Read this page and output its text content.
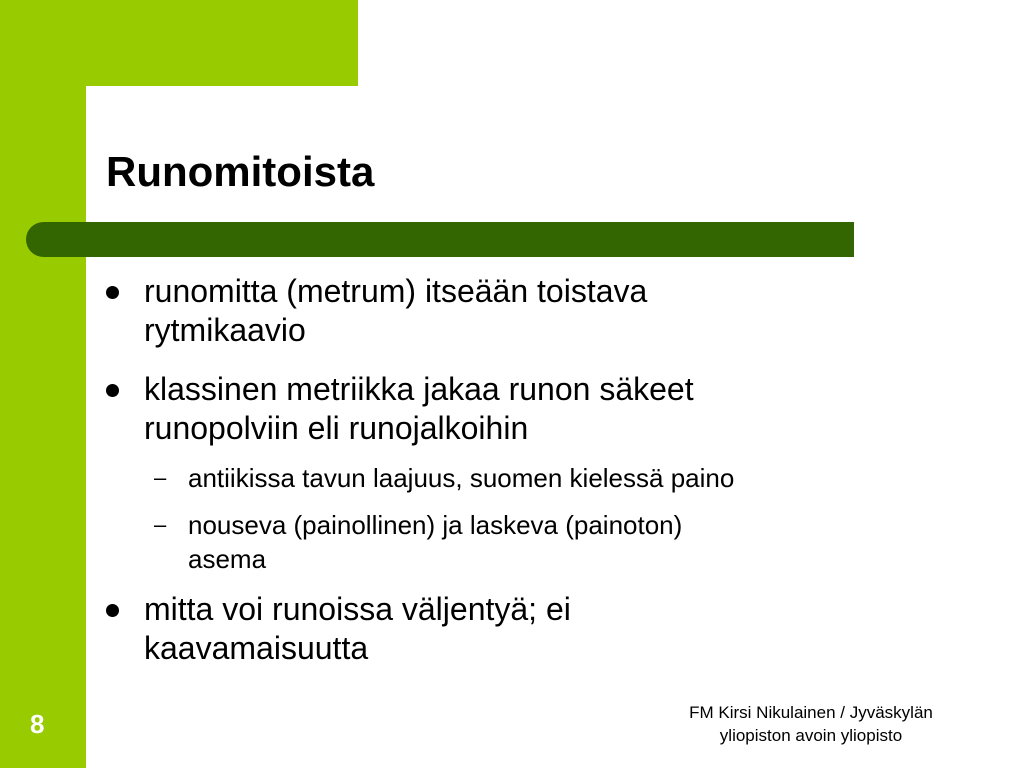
Runomitoista
runomitta (metrum) itseään toistava
rytmikaavio
klassinen metriikka jakaa runon säkeet
runopolviin eli runojalkoihin
– antiikissa tavun laajuus, suomen kielessä paino
– nouseva (painollinen) ja laskeva (painoton)
asema
mitta voi runoissa väljentyä; ei
kaavamaisuutta
8	FM Kirsi Nikulainen / Jyväskylän
yliopiston avoin yliopisto
